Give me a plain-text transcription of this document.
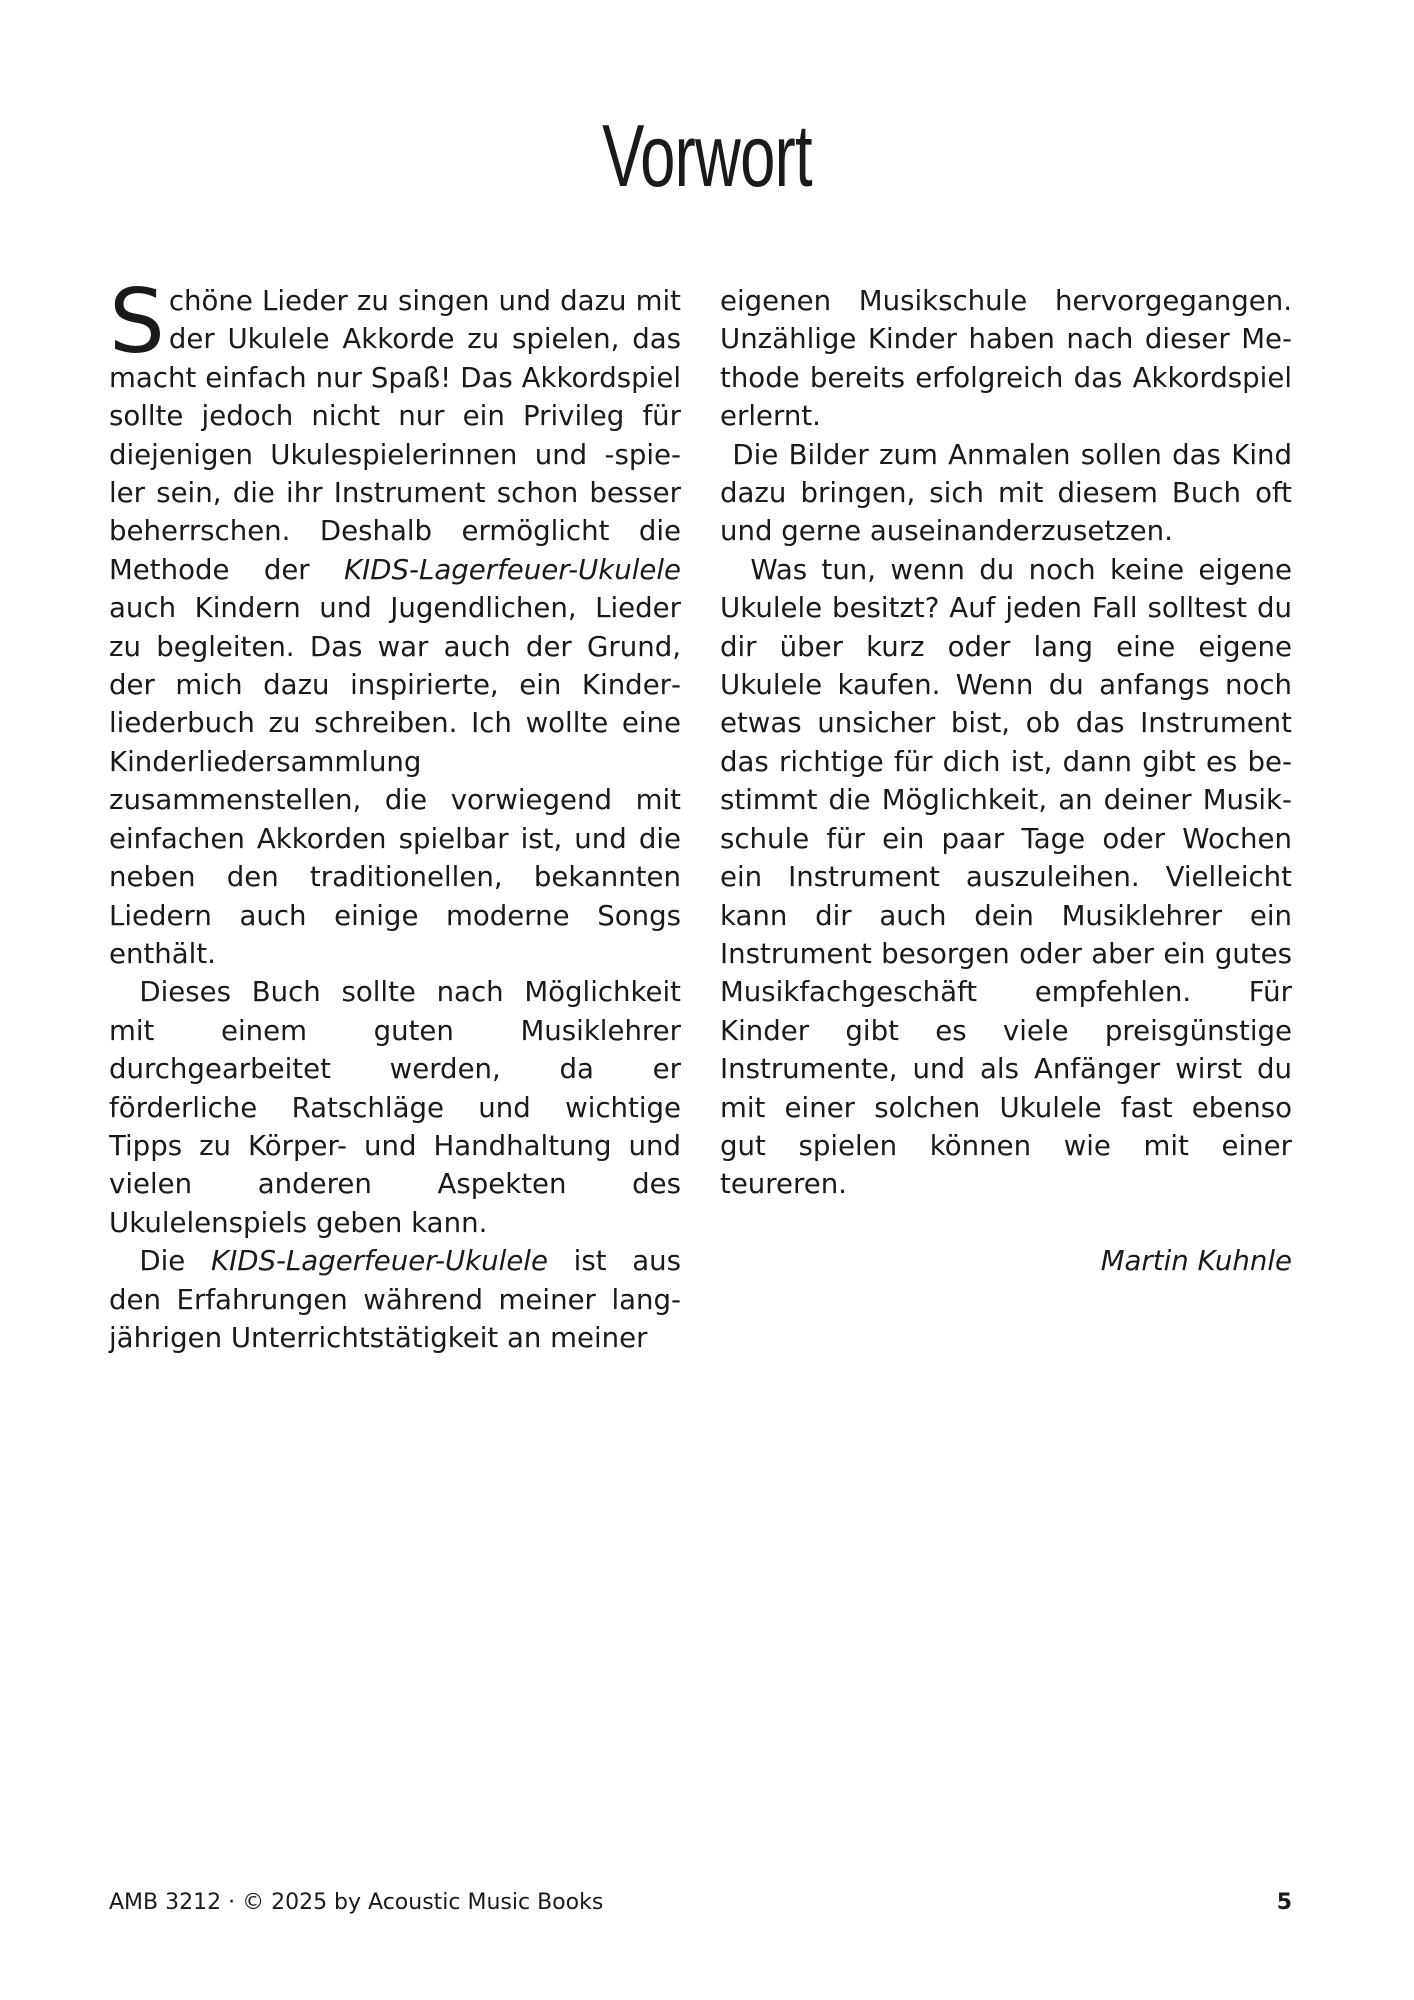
Vorwort

Schöne Lieder zu singen und dazu mit der Ukulele Akkorde zu spielen, das macht einfach nur Spaß! Das Akkordspiel sollte jedoch nicht nur ein Privileg für diejenigen Ukulespielerinnen und -spieler sein, die ihr Instrument schon besser beherrschen. Deshalb ermöglicht die Methode der KIDS-Lagerfeuer-Ukulele auch Kindern und Jugendlichen, Lieder zu begleiten. Das war auch der Grund, der mich dazu inspirierte, ein Kinderliederbuch zu schreiben. Ich wollte eine Kinderliedersammlung zusammenstellen, die vorwiegend mit einfachen Akkorden spielbar ist, und die neben den traditionellen, bekannten Liedern auch einige moderne Songs enthält.

Dieses Buch sollte nach Möglichkeit mit einem guten Musiklehrer durchgearbeitet werden, da er förderliche Ratschläge und wichtige Tipps zu Körper- und Handhaltung und vielen anderen Aspekten des Ukulelenspiels geben kann.

Die KIDS-Lagerfeuer-Ukulele ist aus den Erfahrungen während meiner langjährigen Unterrichtstätigkeit an meiner

eigenen Musikschule hervorgegangen. Unzählige Kinder haben nach dieser Methode bereits erfolgreich das Akkordspiel erlernt.

Die Bilder zum Anmalen sollen das Kind dazu bringen, sich mit diesem Buch oft und gerne auseinanderzusetzen.

Was tun, wenn du noch keine eigene Ukulele besitzt? Auf jeden Fall solltest du dir über kurz oder lang eine eigene Ukulele kaufen. Wenn du anfangs noch etwas unsicher bist, ob das Instrument das richtige für dich ist, dann gibt es bestimmt die Möglichkeit, an deiner Musikschule für ein paar Tage oder Wochen ein Instrument auszuleihen. Vielleicht kann dir auch dein Musiklehrer ein Instrument besorgen oder aber ein gutes Musikfachgeschäft empfehlen. Für Kinder gibt es viele preisgünstige Instrumente, und als Anfänger wirst du mit einer solchen Ukulele fast ebenso gut spielen können wie mit einer teureren.

Martin Kuhnle

AMB 3212 · © 2025 by Acoustic Music Books	5
